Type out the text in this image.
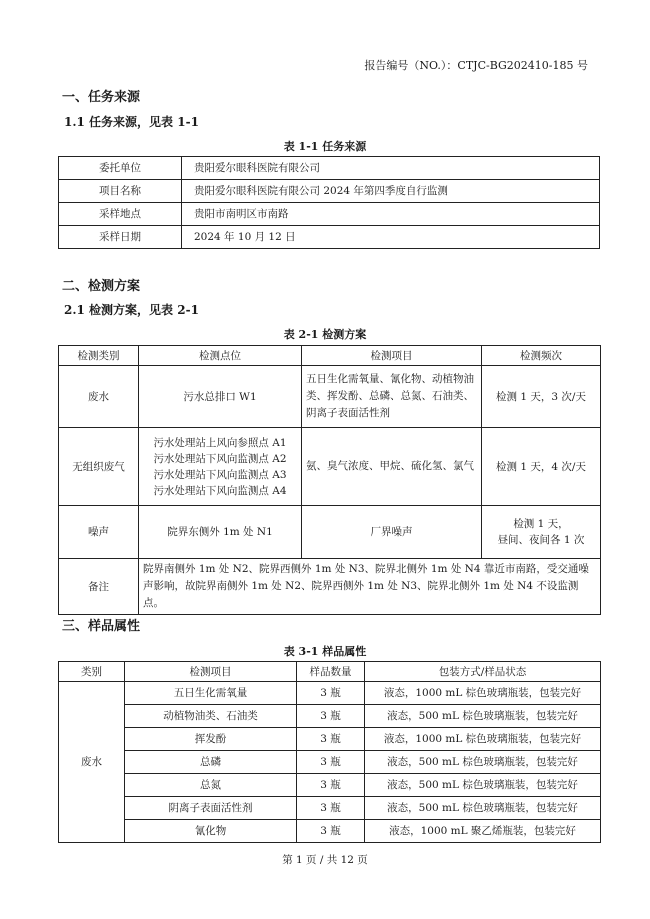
报告编号（NO.）：CTJC-BG202410-185 号
一、任务来源
1.1 任务来源，见表 1-1
表 1-1 任务来源
委托单位	贵阳爱尔眼科医院有限公司
项目名称	贵阳爱尔眼科医院有限公司 2024 年第四季度自行监测
采样地点	贵阳市南明区市南路
采样日期	2024 年 10 月 12 日
二、检测方案
2.1 检测方案，见表 2-1
表 2-1 检测方案
检测类别	检测点位	检测项目	检测频次
废水	污水总排口 W1	五日生化需氧量、氰化物、动植物油类、挥发酚、总磷、总氮、石油类、阴离子表面活性剂	检测 1 天，3 次/天
无组织废气	污水处理站上风向参照点 A1
污水处理站下风向监测点 A2
污水处理站下风向监测点 A3
污水处理站下风向监测点 A4	氨、臭气浓度、甲烷、硫化氢、氯气	检测 1 天，4 次/天
噪声	院界东侧外 1m 处 N1	厂界噪声	检测 1 天，
昼间、夜间各 1 次

备注	院界南侧外 1m 处 N2、院界西侧外 1m 处 N3、院界北侧外 1m 处 N4 靠近市南路，受交通噪声影响，故院界南侧外 1m 处 N2、院界西侧外 1m 处 N3、院界北侧外 1m 处 N4 不设监测点。		
三、样品属性
表 3-1 样品属性
类别	检测项目	样品数量	包装方式/样品状态
废水	五日生化需氧量	3 瓶	液态，1000 mL 棕色玻璃瓶装，包装完好
	动植物油类、石油类	3 瓶	液态，500 mL 棕色玻璃瓶装，包装完好
	挥发酚	3 瓶	液态，1000 mL 棕色玻璃瓶装，包装完好
	总磷	3 瓶	液态，500 mL 棕色玻璃瓶装，包装完好
	总氮	3 瓶	液态，500 mL 棕色玻璃瓶装，包装完好
	阴离子表面活性剂	3 瓶	液态，500 mL 棕色玻璃瓶装，包装完好
	氰化物	3 瓶	液态，1000 mL 聚乙烯瓶装，包装完好
第 1 页 / 共 12 页
